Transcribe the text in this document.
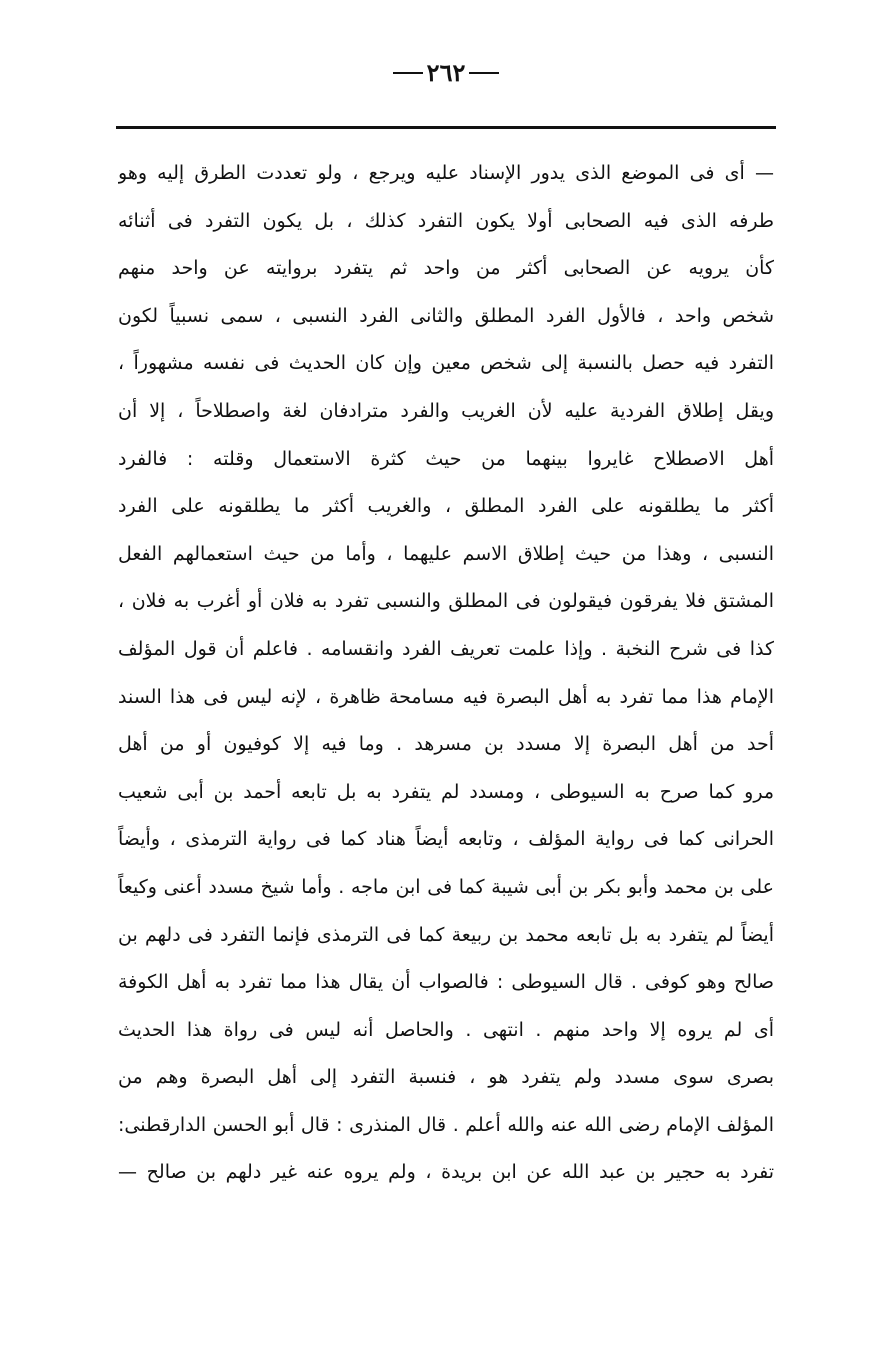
٢٦٢
— أى فى الموضع الذى يدور الإسناد عليه ويرجع ، ولو تعددت الطرق إليه وهو
طرفه الذى فيه الصحابى أولا يكون التفرد كذلك ، بل يكون التفرد فى أثنائه
كأن يرويه عن الصحابى أكثر من واحد ثم يتفرد بروايته عن واحد منهم
شخص واحد ، فالأول الفرد المطلق والثانى الفرد النسبى ، سمى نسبياً لكون
التفرد فيه حصل بالنسبة إلى شخص معين وإن كان الحديث فى نفسه مشهوراً ،
ويقل إطلاق الفردية عليه لأن الغريب والفرد مترادفان لغة واصطلاحاً ، إلا أن
أهل الاصطلاح غايروا بينهما من حيث كثرة الاستعمال وقلته : فالفرد
أكثر ما يطلقونه على الفرد المطلق ، والغريب أكثر ما يطلقونه على الفرد
النسبى ، وهذا من حيث إطلاق الاسم عليهما ، وأما من حيث استعمالهم الفعل
المشتق فلا يفرقون فيقولون فى المطلق والنسبى تفرد به فلان أو أغرب به فلان ،
كذا فى شرح النخبة . وإذا علمت تعريف الفرد وانقسامه . فاعلم أن قول المؤلف
الإمام هذا مما تفرد به أهل البصرة فيه مسامحة ظاهرة ، لإنه ليس فى هذا السند
أحد من أهل البصرة إلا مسدد بن مسرهد . وما فيه إلا كوفيون أو من أهل
مرو كما صرح به السيوطى ، ومسدد لم يتفرد به بل تابعه أحمد بن أبى شعيب
الحرانى كما فى رواية المؤلف ، وتابعه أيضاً هناد كما فى رواية الترمذى ، وأيضاً
على بن محمد وأبو بكر بن أبى شيبة كما فى ابن ماجه . وأما شيخ مسدد أعنى وكيعاً
أيضاً لم يتفرد به بل تابعه محمد بن ربيعة كما فى الترمذى فإنما التفرد فى دلهم بن
صالح وهو كوفى . قال السيوطى : فالصواب أن يقال هذا مما تفرد به أهل الكوفة
أى لم يروه إلا واحد منهم . انتهى . والحاصل أنه ليس فى رواة هذا الحديث
بصرى سوى مسدد ولم يتفرد هو ، فنسبة التفرد إلى أهل البصرة وهم من
المؤلف الإمام رضى الله عنه والله أعلم . قال المنذرى : قال أبو الحسن الدارقطنى:
تفرد به حجير بن عبد الله عن ابن بريدة ، ولم يروه عنه غير دلهم بن صالح —
